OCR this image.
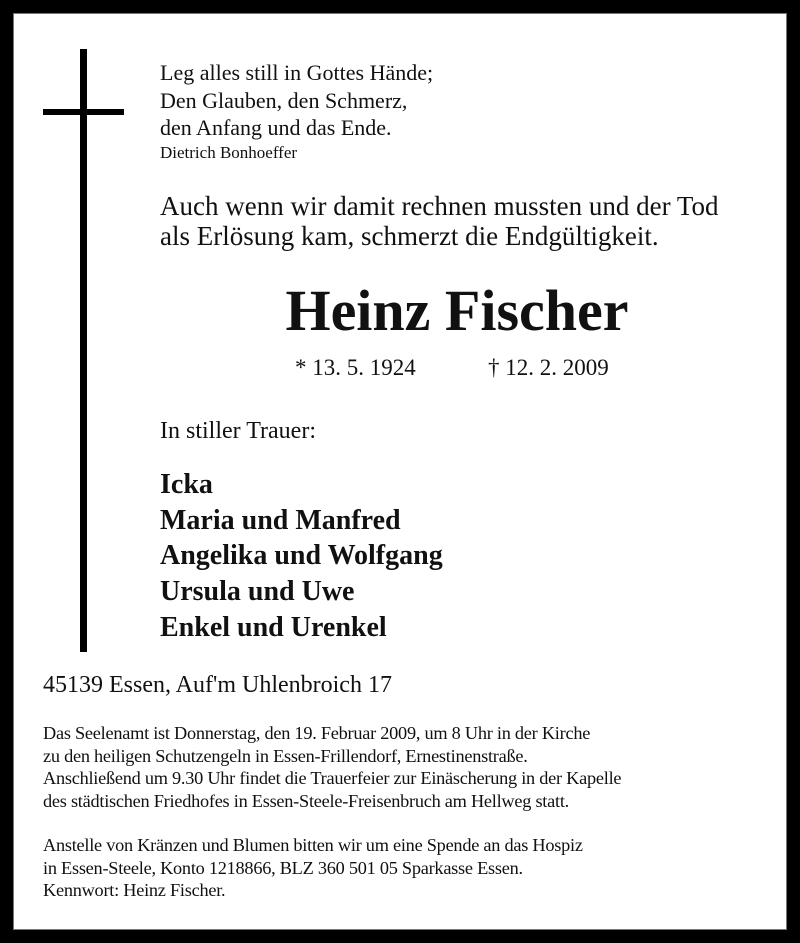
Leg alles still in Gottes Hände;
Den Glauben, den Schmerz,
den Anfang und das Ende.
Dietrich Bonhoeffer
Auch wenn wir damit rechnen mussten und der Tod
als Erlösung kam, schmerzt die Endgültigkeit.
Heinz Fischer
* 13. 5. 1924	† 12. 2. 2009
In stiller Trauer:
Icka
Maria und Manfred
Angelika und Wolfgang
Ursula und Uwe
Enkel und Urenkel
45139 Essen, Auf'm Uhlenbroich 17
Das Seelenamt ist Donnerstag, den 19. Februar 2009, um 8 Uhr in der Kirche
zu den heiligen Schutzengeln in Essen-Frillendorf, Ernestinenstraße.
Anschließend um 9.30 Uhr findet die Trauerfeier zur Einäscherung in der Kapelle
des städtischen Friedhofes in Essen-Steele-Freisenbruch am Hellweg statt.
Anstelle von Kränzen und Blumen bitten wir um eine Spende an das Hospiz
in Essen-Steele, Konto 1218866, BLZ 360 501 05 Sparkasse Essen.
Kennwort: Heinz Fischer.
